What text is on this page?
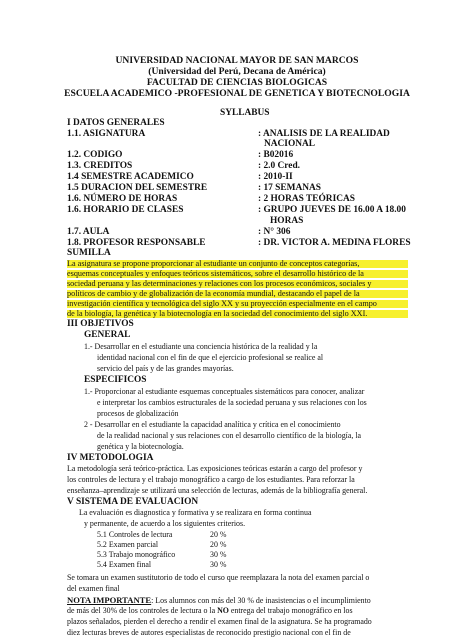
UNIVERSIDAD NACIONAL MAYOR DE SAN MARCOS
(Universidad del Perú, Decana de América)
FACULTAD DE CIENCIAS BIOLOGICAS
ESCUELA ACADEMICO -PROFESIONAL DE GENETICA Y BIOTECNOLOGIA
SYLLABUS
I DATOS GENERALES
1.1. ASIGNATURA	: ANALISIS DE LA REALIDAD
NACIONAL
1.2. CODIGO	: B02016
1.3. CREDITOS	: 2.0 Cred.
1.4 SEMESTRE ACADEMICO	: 2010-II
1.5 DURACION DEL SEMESTRE	: 17 SEMANAS
1.6. NÚMERO DE HORAS	: 2 HORAS TEÓRICAS
1.6. HORARIO DE CLASES	: GRUPO JUEVES DE 16.00 A 18.00
HORAS
1.7. AULA	: N° 306
1.8. PROFESOR RESPONSABLE	: DR. VICTOR A. MEDINA FLORES
SUMILLA
La asignatura se propone proporcionar al estudiante un conjunto de conceptos categorías,
esquemas conceptuales y enfoques teóricos sistemáticos, sobre el desarrollo histórico de la
sociedad peruana y las determinaciones y relaciones con los procesos económicos, sociales y
políticos de cambio y de globalización de la economía mundial, destacando el papel de la
investigación científica y tecnológica del siglo XX y su proyección especialmente en el campo
de la biología, la genética y la biotecnología en la sociedad del conocimiento del siglo XXI.
III OBJETIVOS
GENERAL
1.- Desarrollar en el estudiante una conciencia histórica de la realidad y la
identidad nacional con el fin de que el ejercicio profesional se realice al
servicio del país y de las grandes mayorías.
ESPECIFICOS
1.- Proporcionar al estudiante esquemas conceptuales sistemáticos para conocer, analizar
e interpretar los cambios estructurales de la sociedad peruana y sus relaciones con los
procesos de globalización
2 - Desarrollar en el estudiante la capacidad analítica y crítica en el conocimiento
de la realidad nacional y sus relaciones con el desarrollo científico de la biología, la
genética y la biotecnología.
IV METODOLOGIA
La metodología será teórico-práctica. Las exposiciones teóricas estarán a cargo del profesor y
los controles de lectura y el trabajo monográfico a cargo de los estudiantes. Para reforzar la
enseñanza–aprendizaje se utilizará una selección de lecturas, además de la bibliografía general.
V SISTEMA DE EVALUACION
La evaluación es diagnostica y formativa y se realizara en forma continua
y permanente, de acuerdo a los siguientes criterios.
5.1 Controles de lectura	20 %
5.2 Examen parcial	20 %
5.3 Trabajo monográfico	30 %
5.4 Examen final	30 %
Se tomara un examen sustitutorio de todo el curso que reemplazara la nota del examen parcial o
del examen final
NOTA IMPORTANTE: Los alumnos con más del 30 % de inasistencias o el incumplimiento
de más del 30% de los controles de lectura o la NO entrega del trabajo monográfico en los
plazos señalados, pierden el derecho a rendir el examen final de la asignatura. Se ha programado
diez lecturas breves de autores especialistas de reconocido prestigio nacional con el fin de
